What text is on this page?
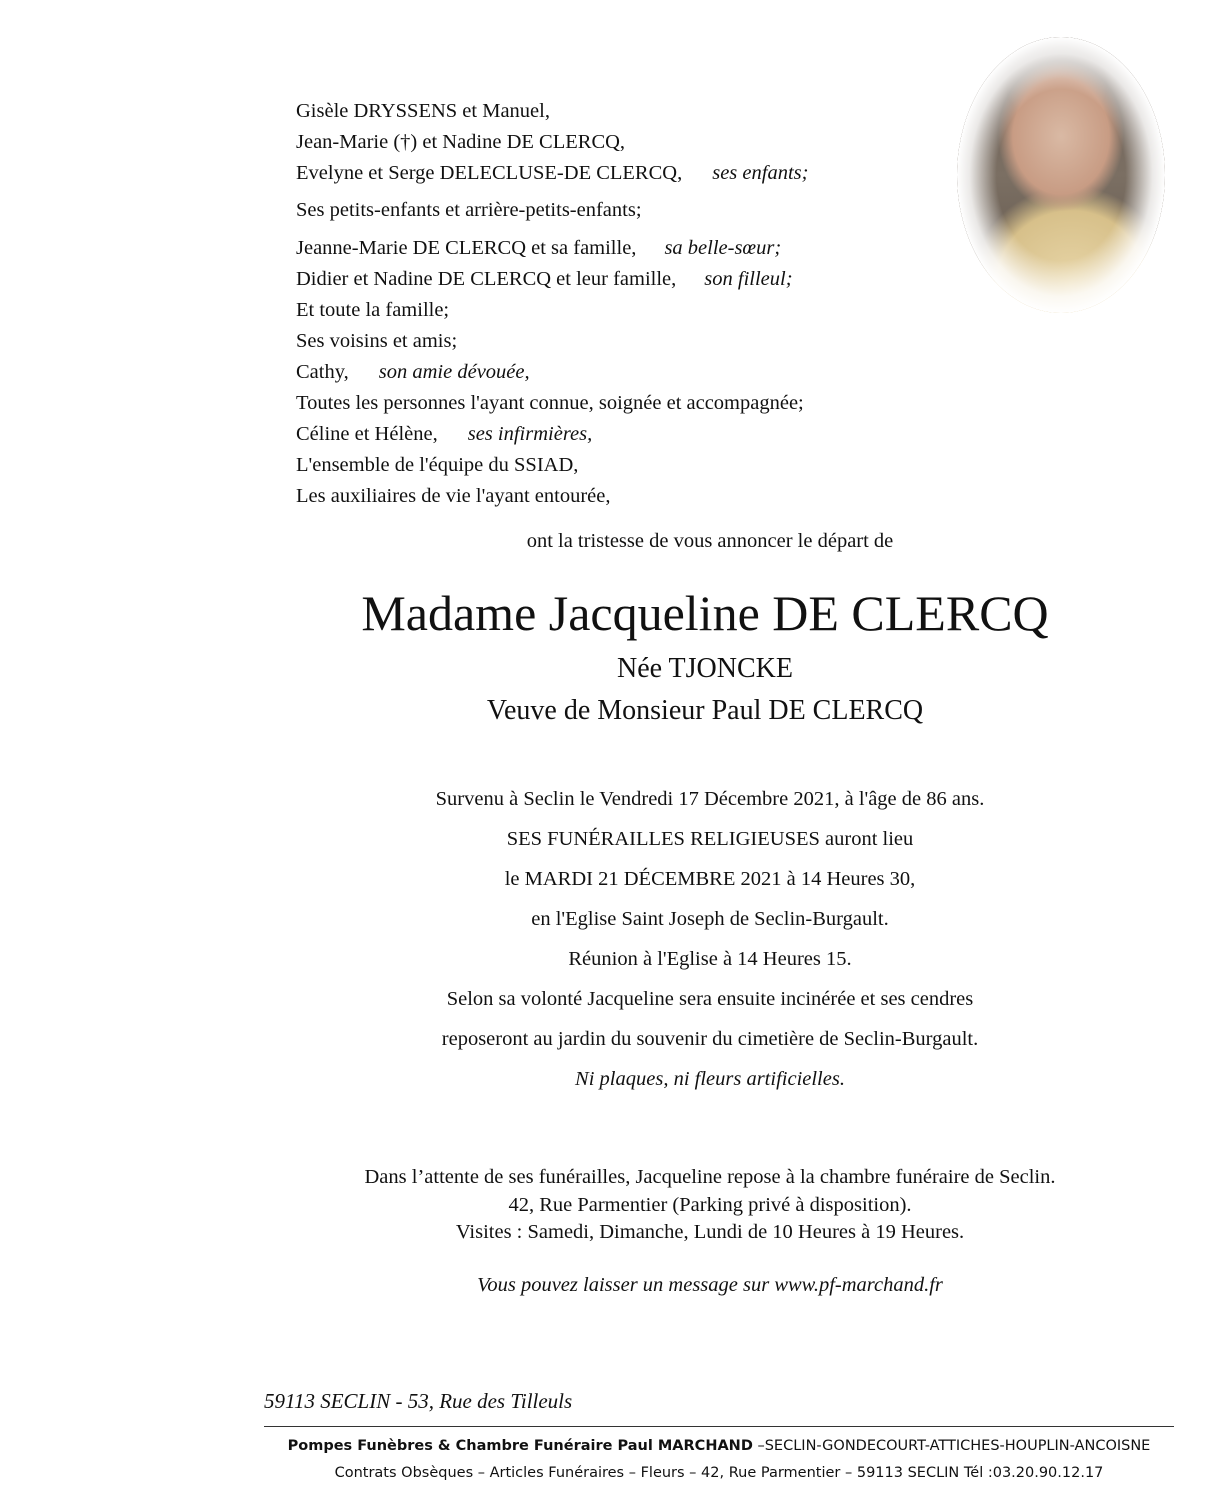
Gisèle DRYSSENS et Manuel,
Jean-Marie (†) et Nadine DE CLERCQ,
Evelyne et Serge DELECLUSE-DE CLERCQ, ses enfants;
Ses petits-enfants et arrière-petits-enfants;
Jeanne-Marie DE CLERCQ et sa famille, sa belle-sœur;
Didier et Nadine DE CLERCQ et leur famille, son filleul;
Et toute la famille;
Ses voisins et amis;
Cathy, son amie dévouée,
Toutes les personnes l'ayant connue, soignée et accompagnée;
Céline et Hélène, ses infirmières,
L'ensemble de l'équipe du SSIAD,
Les auxiliaires de vie l'ayant entourée,
ont la tristesse de vous annoncer le départ de
Madame Jacqueline DE CLERCQ
Née TJONCKE
Veuve de Monsieur Paul DE CLERCQ
Survenu à Seclin le Vendredi 17 Décembre 2021, à l'âge de 86 ans.
SES FUNÉRAILLES RELIGIEUSES auront lieu
le MARDI 21 DÉCEMBRE 2021 à 14 Heures 30,
en l'Eglise Saint Joseph de Seclin-Burgault.
Réunion à l'Eglise à 14 Heures 15.
Selon sa volonté Jacqueline sera ensuite incinérée et ses cendres
reposeront au jardin du souvenir du cimetière de Seclin-Burgault.
Ni plaques, ni fleurs artificielles.
Dans l’attente de ses funérailles, Jacqueline repose à la chambre funéraire de Seclin.
42, Rue Parmentier (Parking privé à disposition).
Visites : Samedi, Dimanche, Lundi de 10 Heures à 19 Heures.
Vous pouvez laisser un message sur www.pf-marchand.fr
59113 SECLIN - 53, Rue des Tilleuls
Pompes Funèbres & Chambre Funéraire Paul MARCHAND –SECLIN-GONDECOURT-ATTICHES-HOUPLIN-ANCOISNE
Contrats Obsèques – Articles Funéraires – Fleurs – 42, Rue Parmentier – 59113 SECLIN Tél :03.20.90.12.17
